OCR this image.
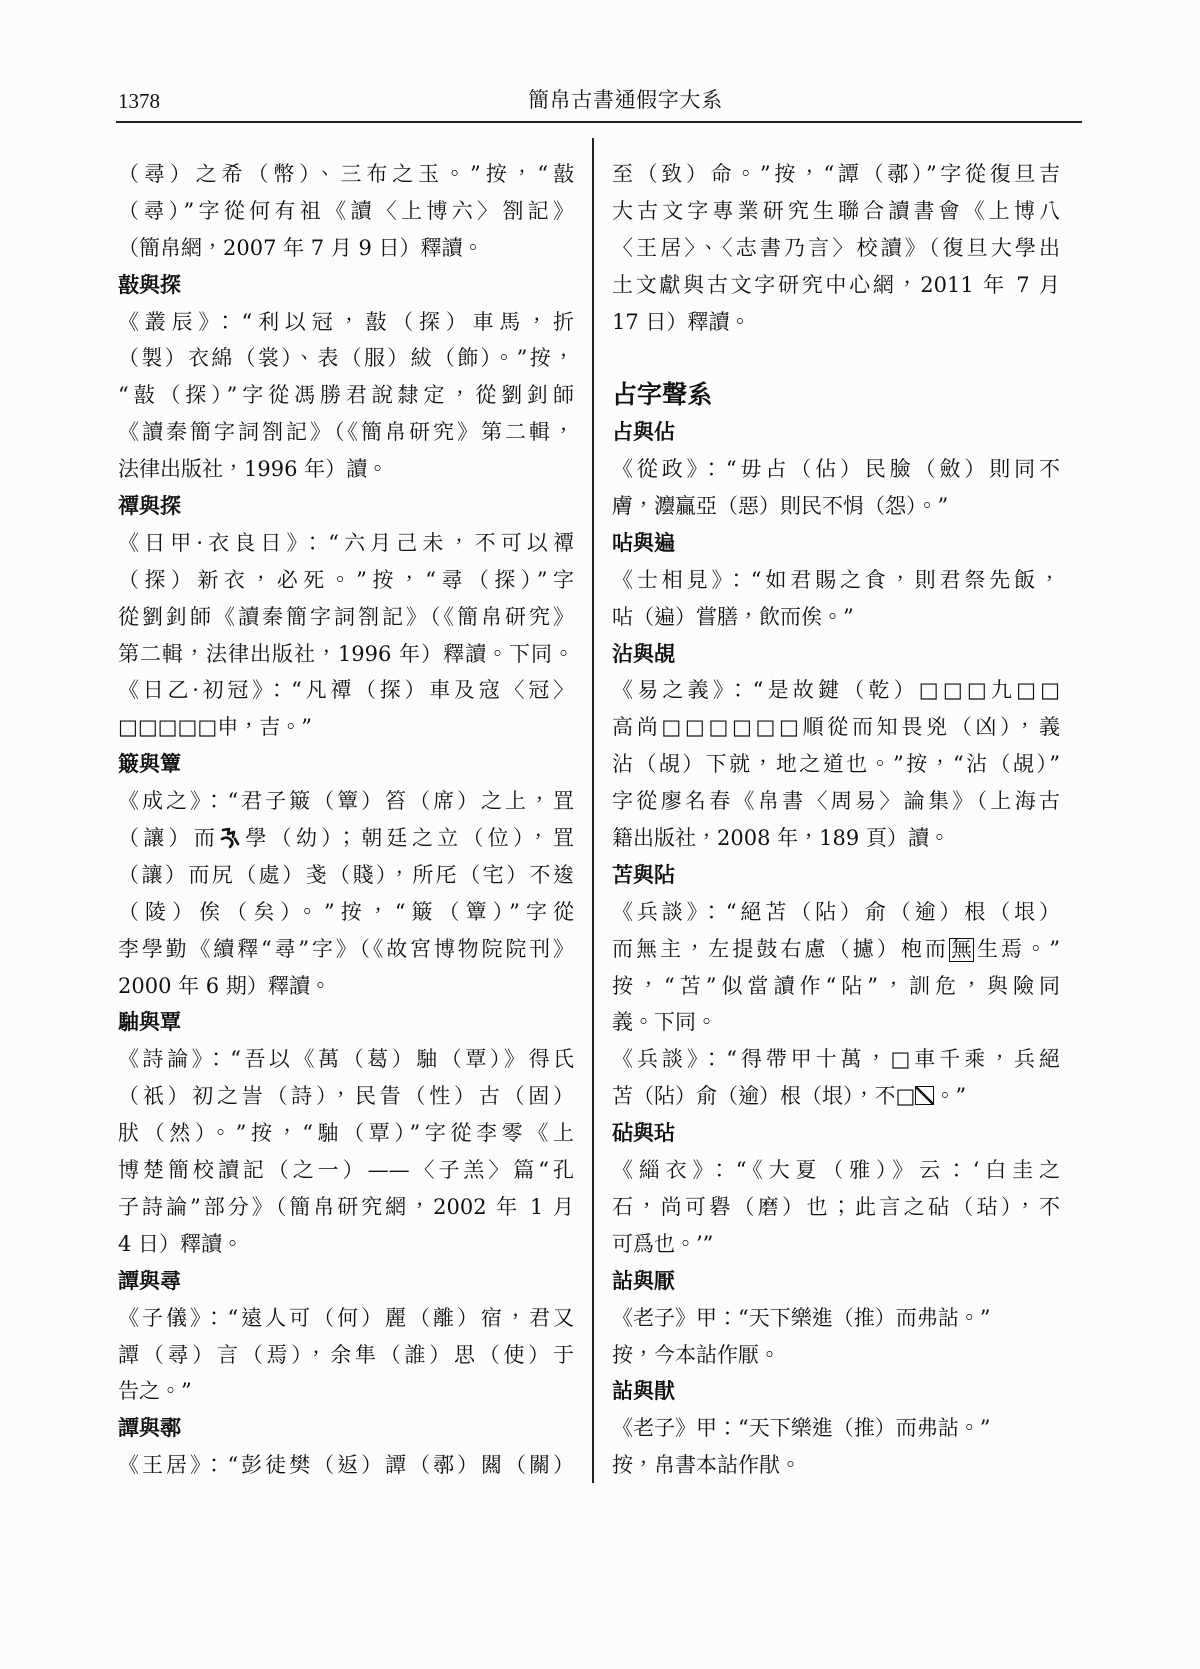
1378	簡帛古書通假字大系
（尋）之希（幣）、三布之玉。”按，“敼
（尋）”字從何有祖《讀〈上博六〉劄記》
（簡帛網，2007 年 7 月 9 日）釋讀。
敼與探
《叢辰》：“利以冠，敼（探）車馬，折
（製）衣綿（裳）、表（服）紱（飾）。”按，
“敼（探）”字從馮勝君說隸定，從劉釗師
《讀秦簡字詞劄記》（《簡帛研究》第二輯，
法律出版社，1996 年）讀。
禫與探
《日甲·衣良日》：“六月己未，不可以禫
（探）新衣，必死。”按，“尋（探）”字
從劉釗師《讀秦簡字詞劄記》（《簡帛研究》
第二輯，法律出版社，1996 年）釋讀。下同。
《日乙·初冠》：“凡禫（探）車及寇〈冠〉
□□□□□申，吉。”
簸與簟
《成之》：“君子簸（簟）笞（席）之上，罝
（讓）而 學（幼）；朝廷之立（位），罝
（讓）而尻（處）戔（賤），所厇（宅）不逡
（陵）俟（矣）。”按，“簸（簟）”字從
李學勤《續釋“尋”字》（《故宮博物院院刊》
2000 年 6 期）釋讀。
駎與覃
《詩論》：“吾以《萬（葛）駎（覃）》得氏
（祇）初之訔（詩），民眚（性）古（固）
肰（然）。”按，“駎（覃）”字從李零《上
博楚簡校讀記（之一）——〈子羔〉篇“孔
子詩論”部分》（簡帛研究網，2002 年 1 月
4 日）釋讀。
譚與尋
《子儀》：“遠人可（何）麗（離）宿，君又
譚（尋）言（焉），余隼（誰）思（使）于
告之。”
譚與鄩
《王居》：“彭徒樊（返）譚（鄩）闗（關）
至（致）命。”按，“譚（鄩）”字從復旦吉
大古文字專業研究生聯合讀書會《上博八
〈王居〉、〈志書乃言〉校讀》（復旦大學出
土文獻與古文字研究中心網，2011 年 7 月
17 日）釋讀。
占字聲系
占與佔
《從政》：“毋占（佔）民臉（斂）則同不
膚，灋贏亞（惡）則民不悁（怨）。”
呫與遍
《士相見》：“如君賜之食，則君祭先飯，
呫（遍）嘗膳，飲而俟。”
沾與覘
《易之義》：“是故鍵（乾）□□□九□□
高尚□□□□□□順從而知畏兇（凶），義
沾（覘）下就，地之道也。”按，“沾（覘）”
字從廖名春《帛書〈周易〉論集》（上海古
籍出版社，2008 年，189 頁）讀。
苫與阽
《兵談》：“絕苫（阽）俞（逾）根（垠）
而無主，左提鼓右慮（攄）枹而無生焉。”
按，“苫”似當讀作“阽”，訓危，與險同
義。下同。
《兵談》：“得帶甲十萬，□車千乘，兵絕
苫（阽）俞（逾）根（垠），不□ 。”
砧與玷
《緇衣》：“《大夏（雅）》云：‘白圭之
石，尚可礜（磨）也；此言之砧（玷），不
可爲也。’”
詀與厭
《老子》甲：“天下樂進（推）而弗詀。”
按，今本詀作厭。
詀與猒
《老子》甲：“天下樂進（推）而弗詀。”
按，帛書本詀作猒。
